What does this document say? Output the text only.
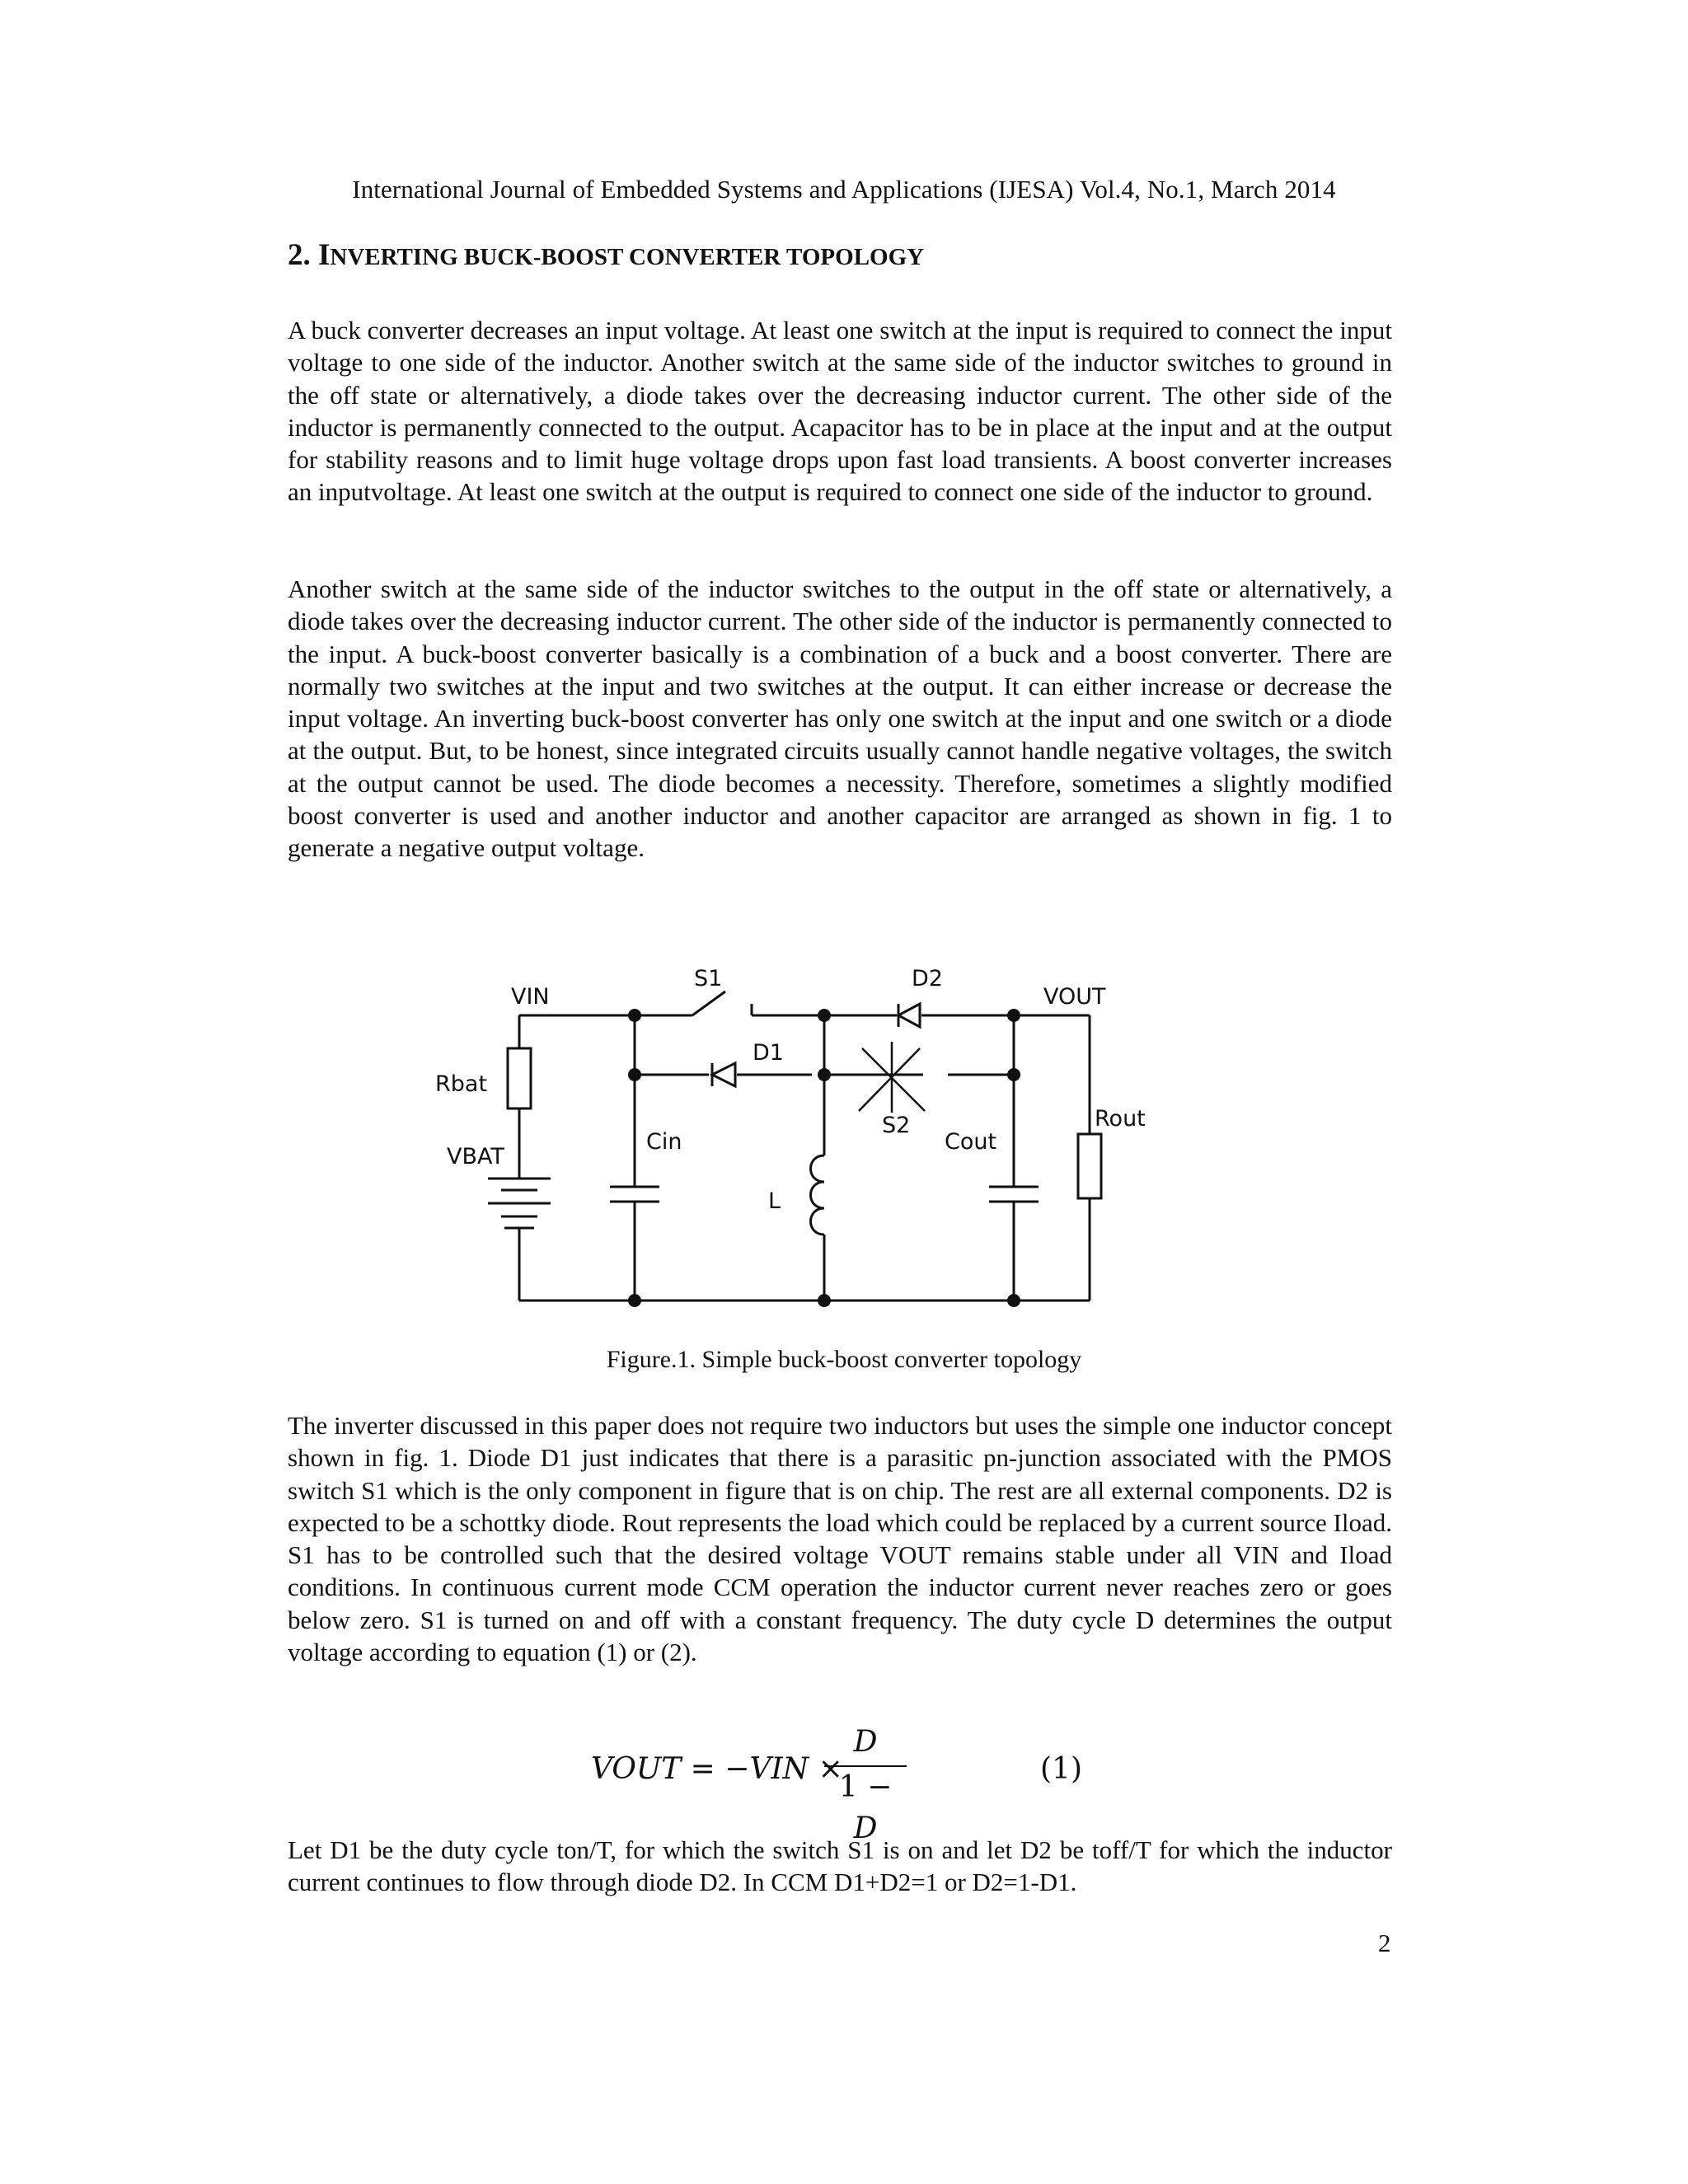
International Journal of Embedded Systems and Applications (IJESA) Vol.4, No.1, March 2014
2. INVERTING BUCK-BOOST CONVERTER TOPOLOGY

A buck converter decreases an input voltage. At least one switch at the input is required to connect the input voltage to one side of the inductor. Another switch at the same side of the inductor switches to ground in the off state or alternatively, a diode takes over the decreasing inductor current. The other side of the inductor is permanently connected to the output. Acapacitor has to be in place at the input and at the output for stability reasons and to limit huge voltage drops upon fast load transients. A boost converter increases an inputvoltage. At least one switch at the output is required to connect one side of the inductor to ground.

Another switch at the same side of the inductor switches to the output in the off state or alternatively, a diode takes over the decreasing inductor current. The other side of the inductor is permanently connected to the input. A buck-boost converter basically is a combination of a buck and a boost converter. There are normally two switches at the input and two switches at the output. It can either increase or decrease the input voltage. An inverting buck-boost converter has only one switch at the input and one switch or a diode at the output. But, to be honest, since integrated circuits usually cannot handle negative voltages, the switch at the output cannot be used. The diode becomes a necessity. Therefore, sometimes a slightly modified boost converter is used and another inductor and another capacitor are arranged as shown in fig. 1 to generate a negative output voltage.

VIN
S1	D2
VOUT
D1
Rbat
Cin
S2
Cout
Rout
VBAT
L
Figure.1. Simple buck-boost converter topology

The inverter discussed in this paper does not require two inductors but uses the simple one inductor concept shown in fig. 1. Diode D1 just indicates that there is a parasitic pn-junction associated with the PMOS switch S1 which is the only component in figure that is on chip. The rest are all external components. D2 is expected to be a schottky diode. Rout represents the load which could be replaced by a current source Iload. S1 has to be controlled such that the desired voltage VOUT remains stable under all VIN and Iload conditions. In continuous current mode CCM operation the inductor current never reaches zero or goes below zero. S1 is turned on and off with a constant frequency. The duty cycle D determines the output voltage according to equation (1) or (2).

VOUT = −VIN ×
D
1 − D
(1)

Let D1 be the duty cycle ton/T, for which the switch S1 is on and let D2 be toff/T for which the inductor current continues to flow through diode D2. In CCM D1+D2=1 or D2=1-D1.

2
